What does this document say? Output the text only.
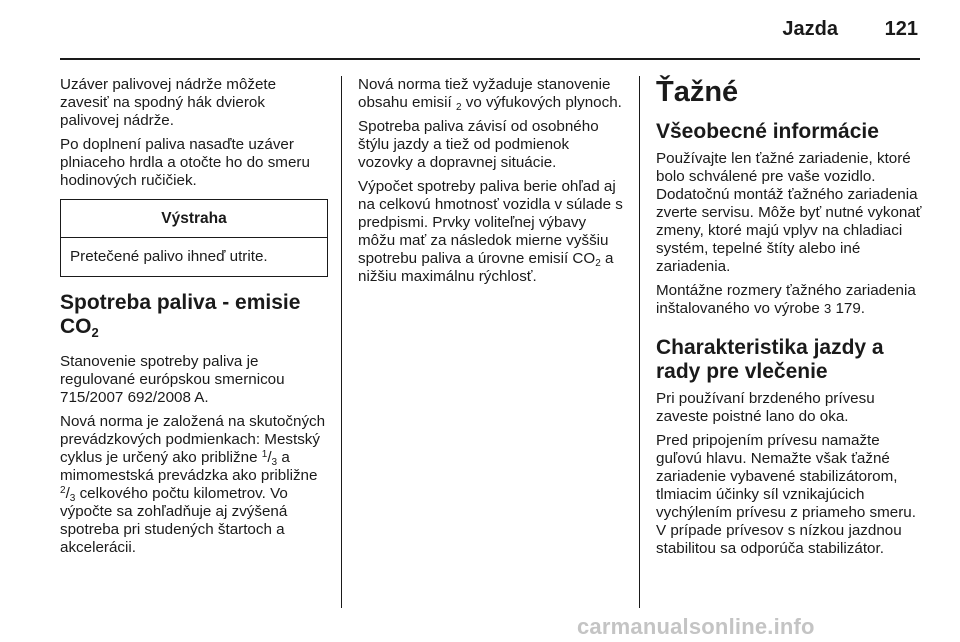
Jazda 121

Uzáver palivovej nádrže môžete zavesiť na spodný hák dvierok palivovej nádrže.

Po doplnení paliva nasaďte uzáver plniaceho hrdla a otočte ho do smeru hodinových ručičiek.

Výstraha
Pretečené palivo ihneď utrite.
Spotreba paliva - emisie CO2

Stanovenie spotreby paliva je regulované európskou smernicou 715/2007 692/2008 A.

Nová norma je založená na skutočných prevádzkových podmienkach: Mestský cyklus je určený ako približne $^1/_3$ a mimomestská prevádzka ako približne $^2/_3$ celkového počtu kilometrov. Vo výpočte sa zohľadňuje aj zvýšená spotreba pri studených štartoch a akcelerácii.

Nová norma tiež vyžaduje stanovenie obsahu emisií $_2$ vo výfukových plynoch.

Spotreba paliva závisí od osobného štýlu jazdy a tiež od podmienok vozovky a dopravnej situácie.

Výpočet spotreby paliva berie ohľad aj na celkovú hmotnosť vozidla v súlade s predpismi. Prvky voliteľnej výbavy môžu mať za následok mierne vyššiu spotrebu paliva a úrovne emisií $CO_2$ a nižšiu maximálnu rýchlosť.

Ťažné
Všeobecné informácie

Používajte len ťažné zariadenie, ktoré bolo schválené pre vaše vozidlo. Dodatočnú montáž ťažného zariadenia zverte servisu. Môže byť nutné vykonať zmeny, ktoré majú vplyv na chladiaci systém, tepelné štíty alebo iné zariadenia.

Montážne rozmery ťažného zariadenia inštalovaného vo výrobe 3 179.

Charakteristika jazdy a rady pre vlečenie

Pri používaní brzdeného prívesu zaveste poistné lano do oka.

Pred pripojením prívesu namažte guľovú hlavu. Nemažte však ťažné zariadenie vybavené stabilizátorom, tlmiacim účinky síl vznikajúcich vychýlením prívesu z priameho smeru. V prípade prívesov s nízkou jazdnou stabilitou sa odporúča stabilizátor.

carmanualsonline.info
